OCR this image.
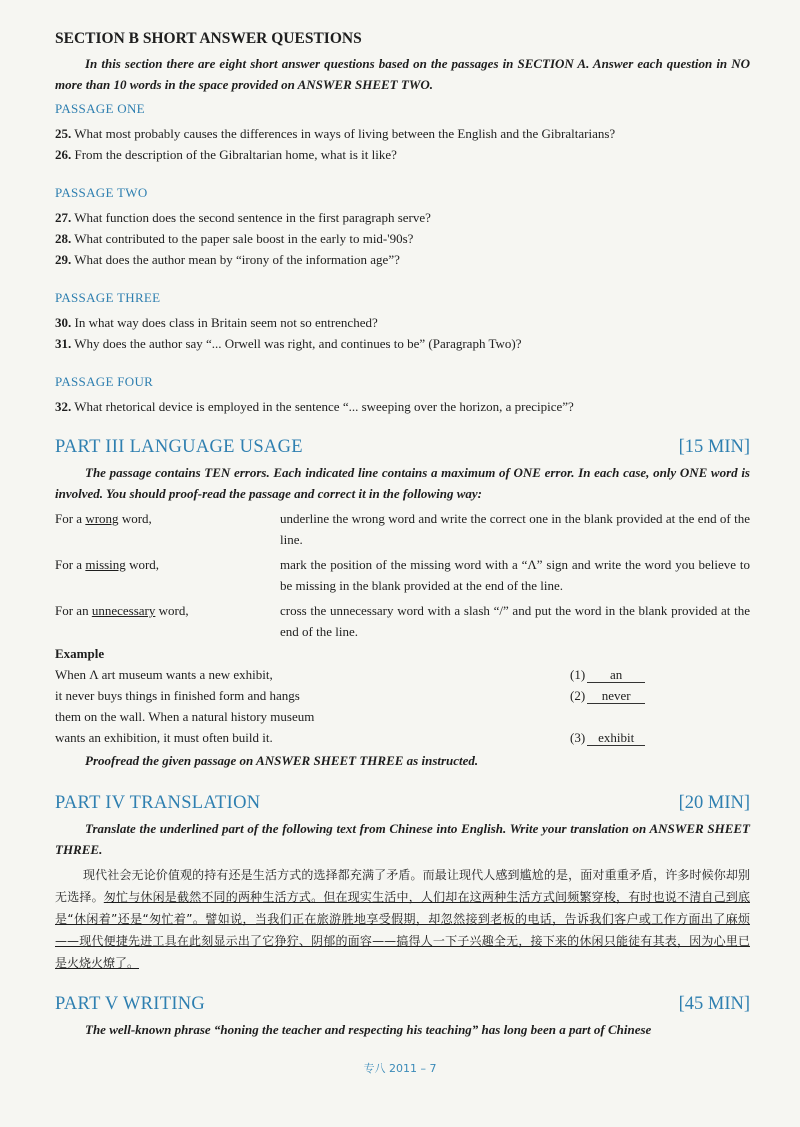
SECTION B SHORT ANSWER QUESTIONS

In this section there are eight short answer questions based on the passages in SECTION A. Answer each question in NO more than 10 words in the space provided on ANSWER SHEET TWO.

PASSAGE ONE

25. What most probably causes the differences in ways of living between the English and the Gibraltarians?

26. From the description of the Gibraltarian home, what is it like?

PASSAGE TWO

27. What function does the second sentence in the first paragraph serve?

28. What contributed to the paper sale boost in the early to mid-'90s?

29. What does the author mean by “irony of the information age”?

PASSAGE THREE

30. In what way does class in Britain seem not so entrenched?

31. Why does the author say “... Orwell was right, and continues to be” (Paragraph Two)?

PASSAGE FOUR

32. What rhetorical device is employed in the sentence “... sweeping over the horizon, a precipice”?

PART III LANGUAGE USAGE	[15 MIN]

The passage contains TEN errors. Each indicated line contains a maximum of ONE error. In each case, only ONE word is involved. You should proof-read the passage and correct it in the following way:

For a wrong word,	underline the wrong word and write the correct one in the blank provided at the end of the line.
For a missing word,	mark the position of the missing word with a “Λ” sign and write the word you believe to be missing in the blank provided at the end of the line.
For an unnecessary word,	cross the unnecessary word with a slash “/” and put the word in the blank provided at the end of the line.
Example
When Λ art museum wants a new exhibit,	(1) an
it never buys things in finished form and hangs	(2) never
them on the wall. When a natural history museum
wants an exhibition, it must often build it.	(3) exhibit

Proofread the given passage on ANSWER SHEET THREE as instructed.

PART IV TRANSLATION	[20 MIN]

Translate the underlined part of the following text from Chinese into English. Write your translation on ANSWER SHEET THREE.

现代社会无论价值观的持有还是生活方式的选择都充满了矛盾。而最让现代人感到尴尬的是，面对重重矛盾，许多时候你却别无选择。匆忙与休闲是截然不同的两种生活方式。但在现实生活中，人们却在这两种生活方式间频繁穿梭，有时也说不清自己到底是“休闲着”还是“匆忙着”。譬如说，当我们正在旅游胜地享受假期，却忽然接到老板的电话，告诉我们客户或工作方面出了麻烦——现代便捷先进工具在此刻显示出了它狰狞、阴郁的面容——搞得人一下子兴趣全无，接下来的休闲只能徒有其表，因为心里已是火烧火燎了。

PART V WRITING	[45 MIN]

The well-known phrase “honing the teacher and respecting his teaching” has long been a part of Chinese

专八 2011 – 7
